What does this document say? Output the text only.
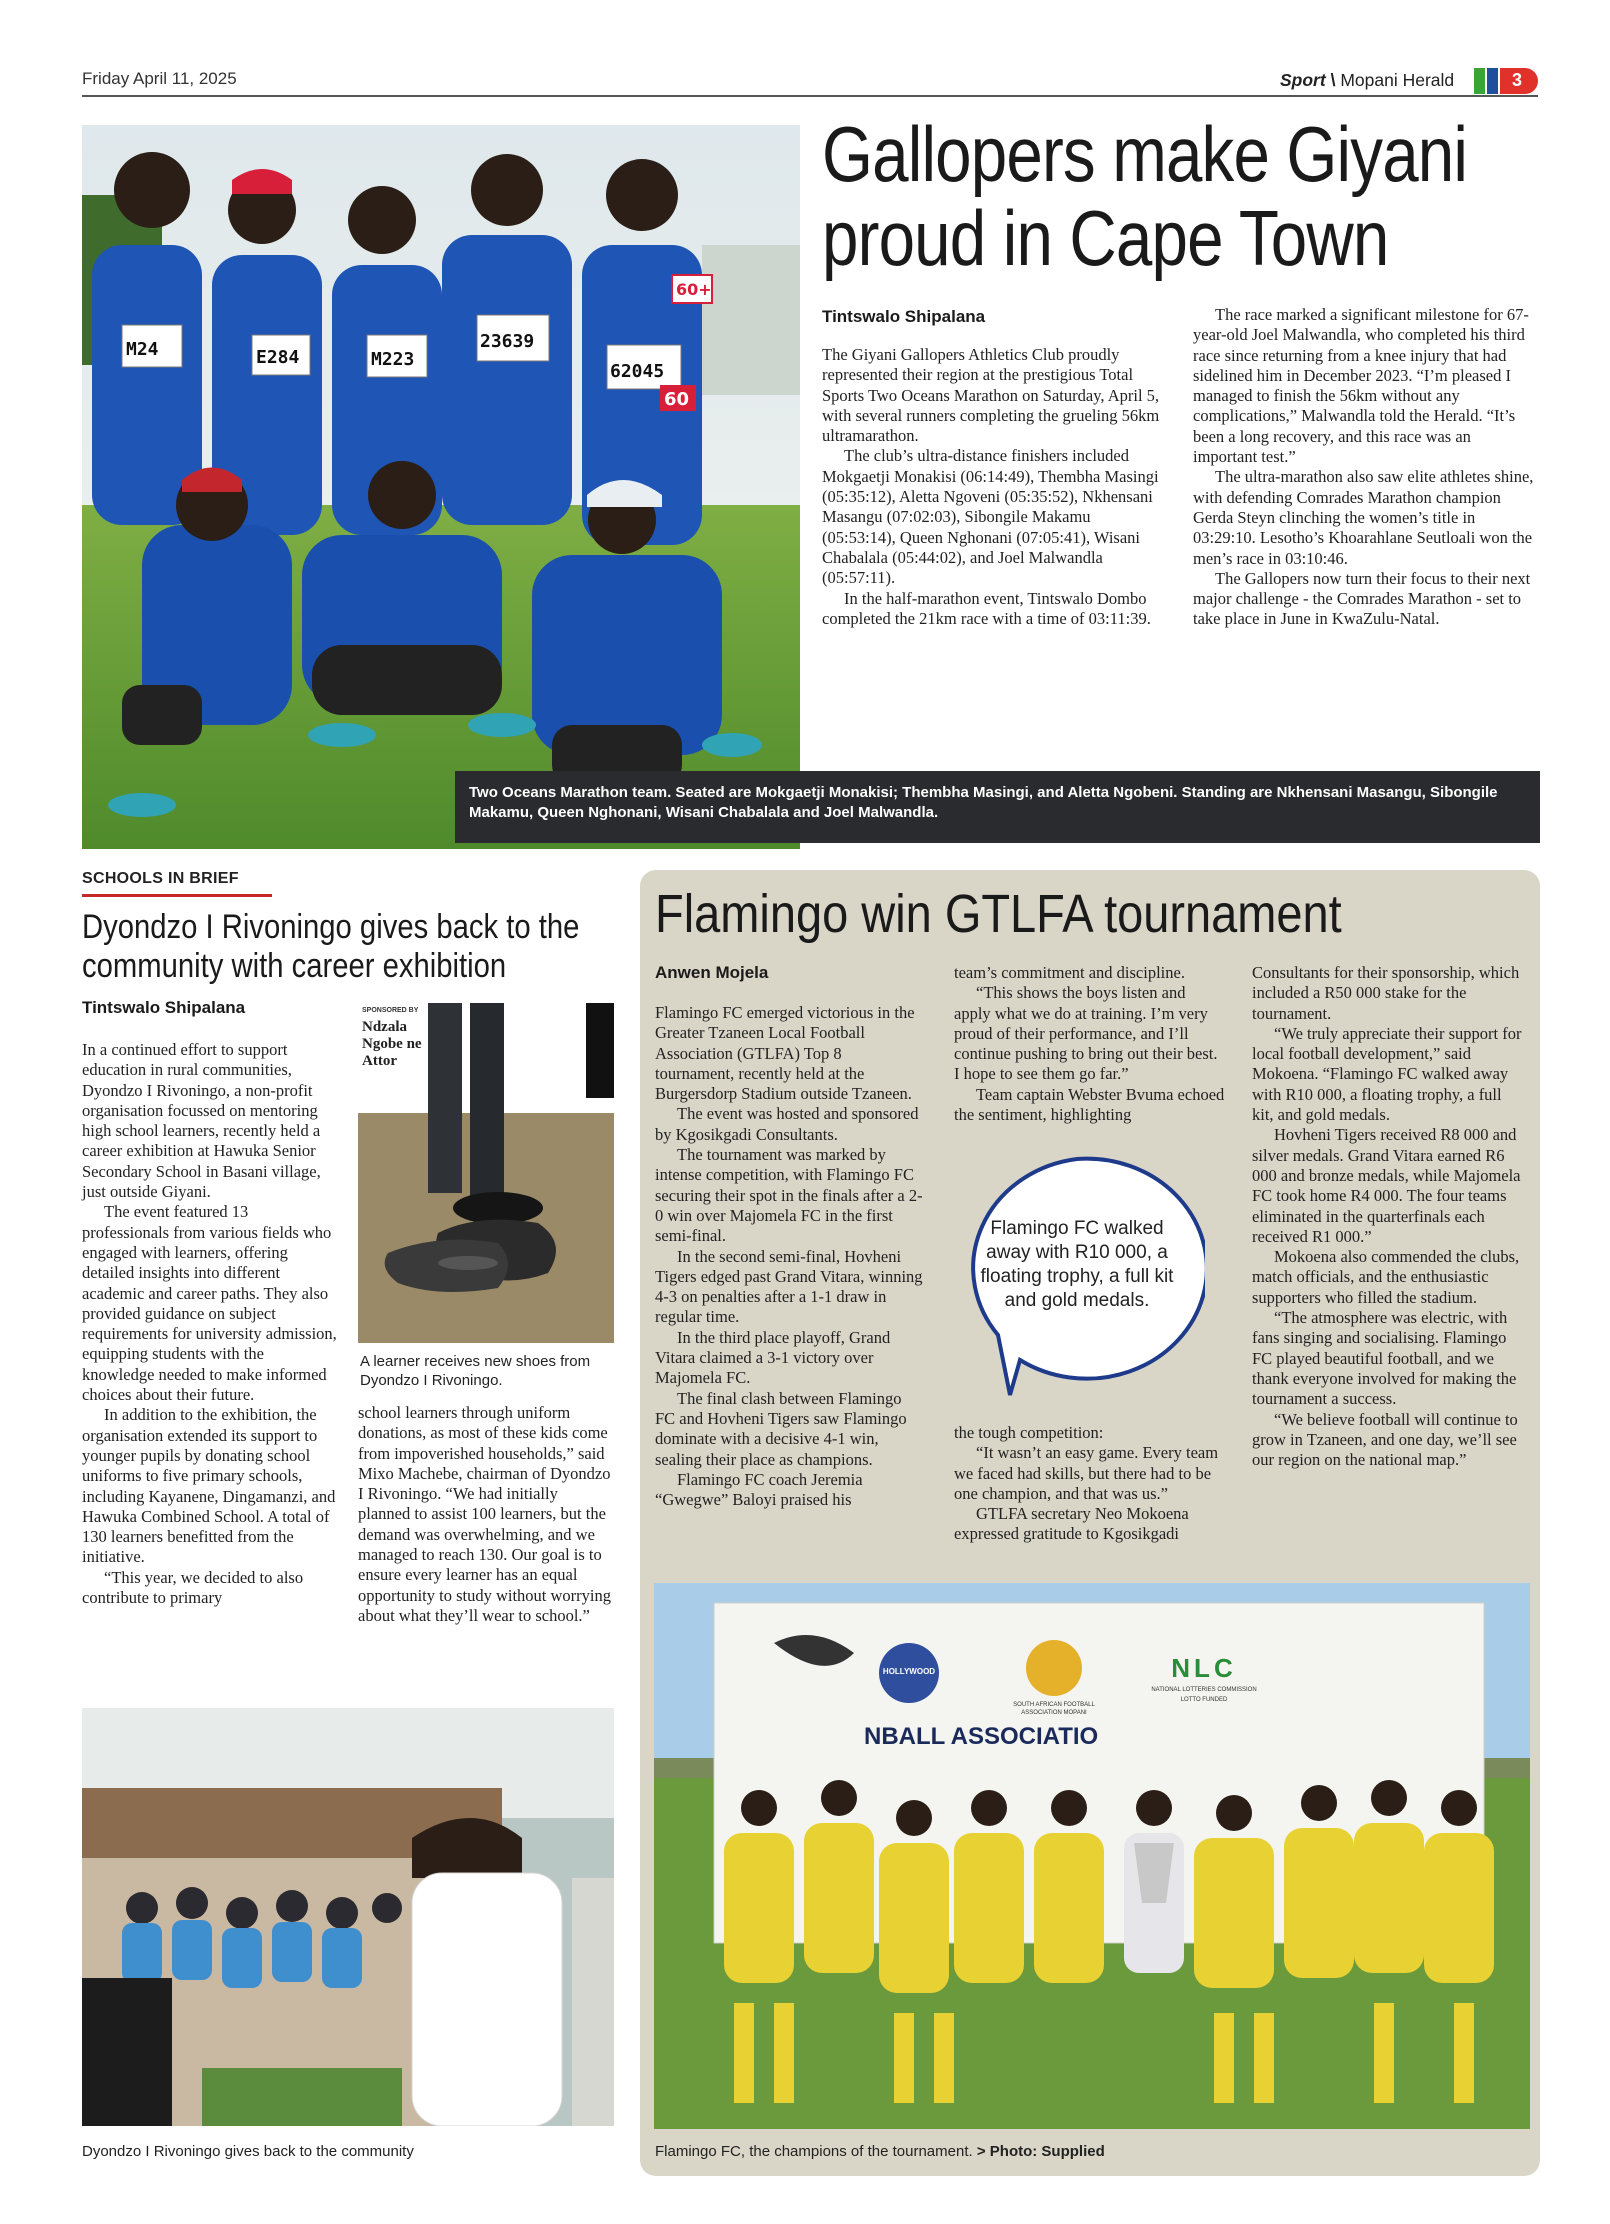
Friday April 11, 2025	Sport \ Mopani Herald	3
M24	E284	M223
23639
62045
60+
60
Gallopers make Giyani
proud in Cape Town
Tintswalo Shipalana

The Giyani Gallopers Athletics Club proudly represented their region at the prestigious Total Sports Two Oceans Marathon on Saturday, April 5, with several runners completing the grueling 56km ultramarathon.

The club’s ultra-distance finishers included Mokgaetji Monakisi (06:14:49), Thembha Masingi (05:35:12), Aletta Ngoveni (05:35:52), Nkhensani Masangu (07:02:03), Sibongile Makamu (05:53:14), Queen Nghonani (07:05:41), Wisani Chabalala (05:44:02), and Joel Malwandla (05:57:11).

In the half-marathon event, Tintswalo Dombo completed the 21km race with a time of 03:11:39.

The race marked a significant milestone for 67-year-old Joel Malwandla, who completed his third race since returning from a knee injury that had sidelined him in December 2023. “I’m pleased I managed to finish the 56km without any complications,” Malwandla told the Herald. “It’s been a long recovery, and this race was an important test.”

The ultra-marathon also saw elite athletes shine, with defending Comrades Marathon champion Gerda Steyn clinching the women’s title in 03:29:10. Lesotho’s Khoarahlane Seutloali won the men’s race in 03:10:46.

The Gallopers now turn their focus to their next major challenge - the Comrades Marathon - set to take place in June in KwaZulu-Natal.

Two Oceans Marathon team. Seated are Mokgaetji Monakisi; Thembha Masingi, and Aletta Ngobeni. Standing are Nkhensani Masangu, Sibongile Makamu, Queen Nghonani, Wisani Chabalala and Joel Malwandla.
SCHOOLS IN BRIEF
Dyondzo I Rivoningo gives back to the
community with career exhibition
Tintswalo Shipalana

In a continued effort to support education in rural communities, Dyondzo I Rivoningo, a non-profit organisation focussed on mentoring high school learners, recently held a career exhibition at Hawuka Senior Secondary School in Basani village, just outside Giyani.

The event featured 13 professionals from various fields who engaged with learners, offering detailed insights into different academic and career paths. They also provided guidance on subject requirements for university admission, equipping students with the knowledge needed to make informed choices about their future.

In addition to the exhibition, the organisation extended its support to younger pupils by donating school uniforms to five primary schools, including Kayanene, Dingamanzi, and Hawuka Combined School. A total of 130 learners benefitted from the initiative.

“This year, we decided to also contribute to primary

SPONSORED BY
Ndzala Ngobe ne Attor
A learner receives new shoes from Dyondzo I Rivoningo.

school learners through uniform donations, as most of these kids come from impoverished households,” said Mixo Machebe, chairman of Dyondzo I Rivoningo. “We had initially planned to assist 100 learners, but the demand was overwhelming, and we managed to reach 130. Our goal is to ensure every learner has an equal opportunity to study without worrying about what they’ll wear to school.”

Dyondzo I Rivoningo gives back to the community
Flamingo win GTLFA tournament
Anwen Mojela

Flamingo FC emerged victorious in the Greater Tzaneen Local Football Association (GTLFA) Top 8 tournament, recently held at the Burgersdorp Stadium outside Tzaneen.

The event was hosted and sponsored by Kgosikgadi Consultants.

The tournament was marked by intense competition, with Flamingo FC securing their spot in the finals after a 2-0 win over Majomela FC in the first semi-final.

In the second semi-final, Hovheni Tigers edged past Grand Vitara, winning 4-3 on penalties after a 1-1 draw in regular time.

In the third place playoff, Grand Vitara claimed a 3-1 victory over Majomela FC.

The final clash between Flamingo FC and Hovheni Tigers saw Flamingo dominate with a decisive 4-1 win, sealing their place as champions.

Flamingo FC coach Jeremia “Gwegwe” Baloyi praised his

team’s commitment and discipline.

“This shows the boys listen and apply what we do at training. I’m very proud of their performance, and I’ll continue pushing to bring out their best. I hope to see them go far.”

Team captain Webster Bvuma echoed the sentiment, highlighting

Flamingo FC walked away with R10 000, a floating trophy, a full kit and gold medals.

the tough competition:

“It wasn’t an easy game. Every team we faced had skills, but there had to be one champion, and that was us.”

GTLFA secretary Neo Mokoena expressed gratitude to Kgosikgadi

Consultants for their sponsorship, which included a R50 000 stake for the tournament.

“We truly appreciate their support for local football development,” said Mokoena. “Flamingo FC walked away with R10 000, a floating trophy, a full kit, and gold medals.

Hovheni Tigers received R8 000 and silver medals. Grand Vitara earned R6 000 and bronze medals, while Majomela FC took home R4 000. The four teams eliminated in the quarterfinals each received R1 000.”

Mokoena also commended the clubs, match officials, and the enthusiastic supporters who filled the stadium.

“The atmosphere was electric, with fans singing and socialising. Flamingo FC played beautiful football, and we thank everyone involved for making the tournament a success.

“We believe football will continue to grow in Tzaneen, and one day, we’ll see our region on the national map.”

HOLLYWOOD
SOUTH AFRICAN FOOTBALL ASSOCIATION MOPANI
NLC
NATIONAL LOTTERIES COMMISSION
LOTTO FUNDED
NBALL ASSOCIATIO
Flamingo FC, the champions of the tournament. > Photo: Supplied
